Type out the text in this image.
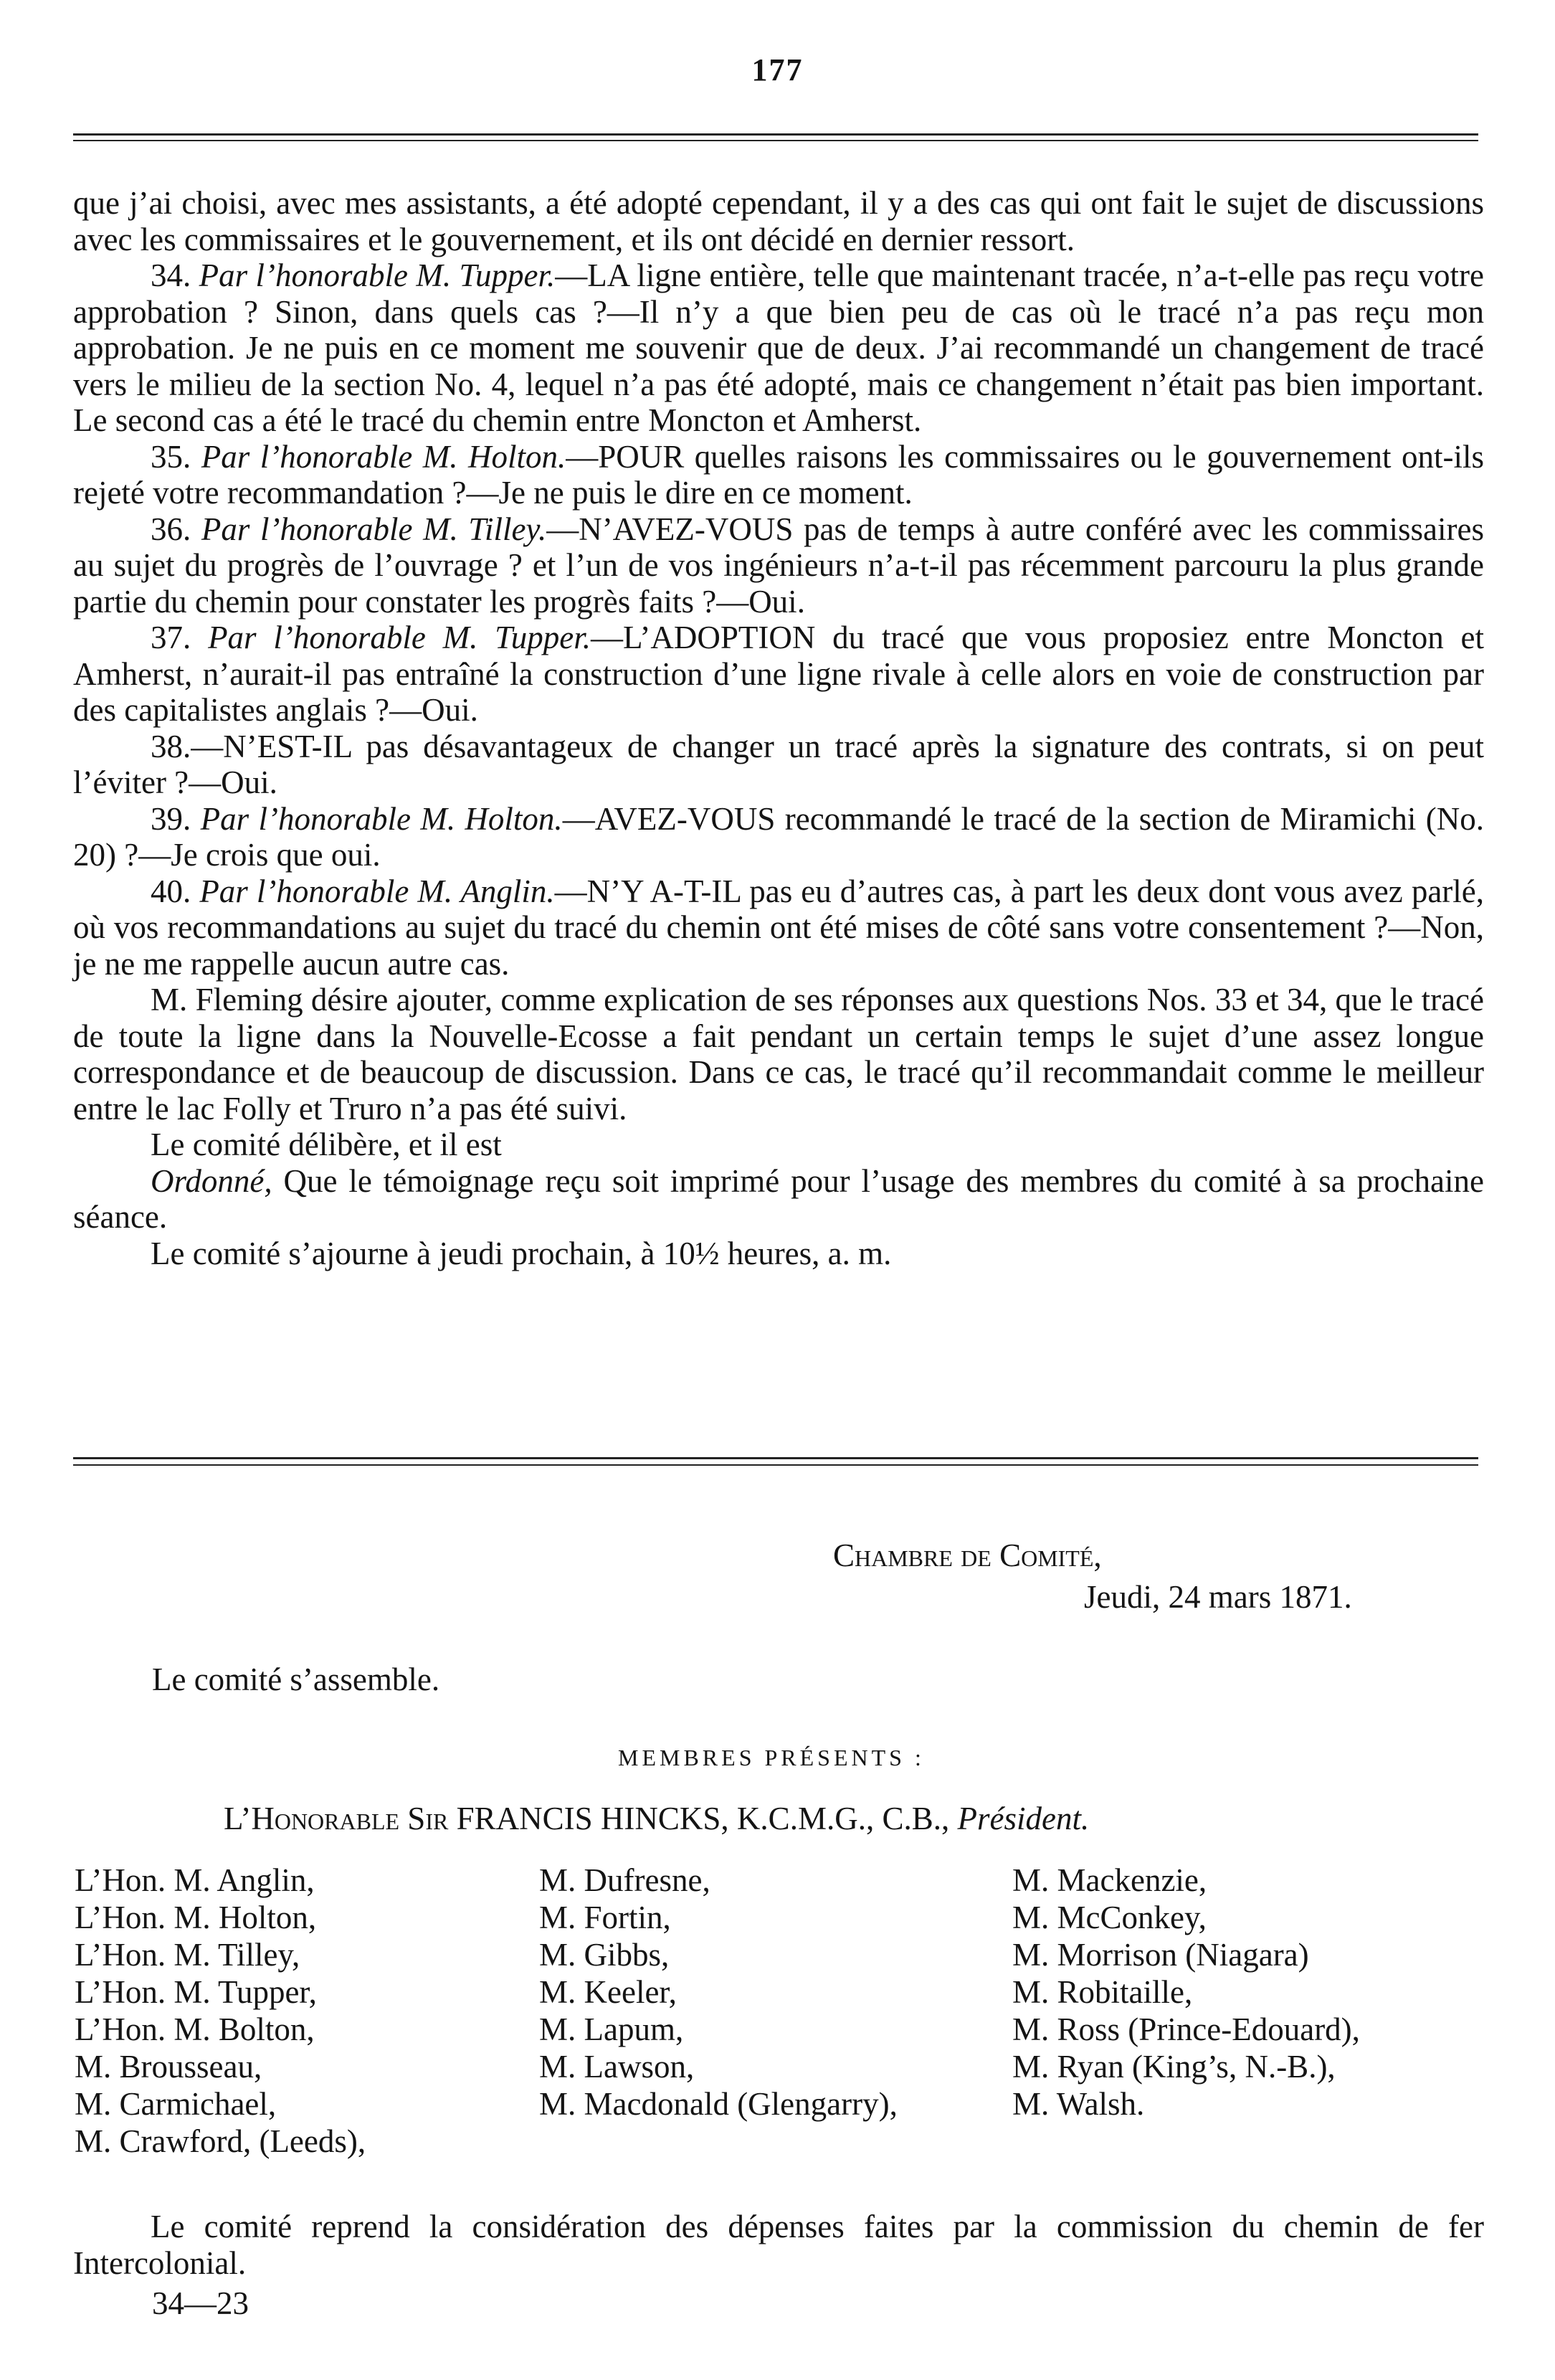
177

que j’ai choisi, avec mes assistants, a été adopté cependant, il y a des cas qui ont fait le sujet de discussions avec les commissaires et le gouvernement, et ils ont décidé en dernier ressort.

34. Par l’honorable M. Tupper.—LA ligne entière, telle que maintenant tracée, n’a-t-elle pas reçu votre approbation ? Sinon, dans quels cas ?—Il n’y a que bien peu de cas où le tracé n’a pas reçu mon approbation. Je ne puis en ce moment me souvenir que de deux. J’ai recommandé un changement de tracé vers le milieu de la section No. 4, lequel n’a pas été adopté, mais ce changement n’était pas bien important. Le second cas a été le tracé du chemin entre Moncton et Amherst.

35. Par l’honorable M. Holton.—POUR quelles raisons les commissaires ou le gouvernement ont-ils rejeté votre recommandation ?—Je ne puis le dire en ce moment.

36. Par l’honorable M. Tilley.—N’AVEZ-VOUS pas de temps à autre conféré avec les commissaires au sujet du progrès de l’ouvrage ? et l’un de vos ingénieurs n’a-t-il pas récemment parcouru la plus grande partie du chemin pour constater les progrès faits ?—Oui.

37. Par l’honorable M. Tupper.—L’ADOPTION du tracé que vous proposiez entre Moncton et Amherst, n’aurait-il pas entraîné la construction d’une ligne rivale à celle alors en voie de construction par des capitalistes anglais ?—Oui.

38.—N’EST-IL pas désavantageux de changer un tracé après la signature des contrats, si on peut l’éviter ?—Oui.

39. Par l’honorable M. Holton.—AVEZ-VOUS recommandé le tracé de la section de Miramichi (No. 20) ?—Je crois que oui.

40. Par l’honorable M. Anglin.—N’Y A-T-IL pas eu d’autres cas, à part les deux dont vous avez parlé, où vos recommandations au sujet du tracé du chemin ont été mises de côté sans votre consentement ?—Non, je ne me rappelle aucun autre cas.

M. Fleming désire ajouter, comme explication de ses réponses aux questions Nos. 33 et 34, que le tracé de toute la ligne dans la Nouvelle-Ecosse a fait pendant un certain temps le sujet d’une assez longue correspondance et de beaucoup de discussion. Dans ce cas, le tracé qu’il recommandait comme le meilleur entre le lac Folly et Truro n’a pas été suivi.

Le comité délibère, et il est

Ordonné, Que le témoignage reçu soit imprimé pour l’usage des membres du comité à sa prochaine séance.

Le comité s’ajourne à jeudi prochain, à 10½ heures, a. m.

Chambre de Comité,
Jeudi, 24 mars 1871.
Le comité s’assemble.
MEMBRES PRÉSENTS :
L’Honorable Sir FRANCIS HINCKS, K.C.M.G., C.B., Président.
L’Hon. M. Anglin,
L’Hon. M. Holton,
L’Hon. M. Tilley,
L’Hon. M. Tupper,
L’Hon. M. Bolton,
M. Brousseau,
M. Carmichael,
M. Crawford, (Leeds),
M. Dufresne,
M. Fortin,
M. Gibbs,
M. Keeler,
M. Lapum,
M. Lawson,
M. Macdonald (Glengarry),
M. Mackenzie,
M. McConkey,
M. Morrison (Niagara)
M. Robitaille,
M. Ross (Prince-Edouard),
M. Ryan (King’s, N.-B.),
M. Walsh.

Le comité reprend la considération des dépenses faites par la commission du chemin de fer Intercolonial.

34—23
